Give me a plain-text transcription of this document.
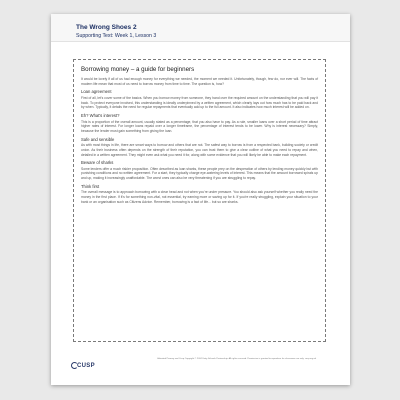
The Wrong Shoes 2
Supporting Text: Week 1, Lesson 3
Borrowing money – a guide for beginners
It would be lovely if all of us had enough money for everything we needed, the moment we needed it. Unfortunately, though, few do, nor ever will. The facts of modern life mean that most of us need to borrow money from time to time. The question is, how?
Loan agreement
First of all, let's cover some of the basics. When you borrow money from someone, they hand over the required amount on the understanding that you will pay it back. To protect everyone involved, this understanding is ideally underpinned by a written agreement, which clearly lays out how much has to be paid back and by when. Typically, it details the need for regular repayments that eventually add up to the full amount. It also indicates how much interest will be added on.
Eh? What's interest?
This is a proportion of the overall amount, usually stated as a percentage, that you also have to pay. As a rule, smaller loans over a short period of time attract higher rates of interest. For longer loans repaid over a longer timeframe, the percentage of interest tends to be lower. Why is interest necessary? Simply, because the lender must gain something from giving the loan.
Safe and sensible
As with most things in life, there are smart ways to borrow and others that are not. The safest way to borrow is from a respected bank, building society or credit union. As their business often depends on the strength of their reputation, you can trust them to give a clear outline of what you need to repay and when, detailed in a written agreement. They might even ask what you need it for, along with some evidence that you will likely be able to make each repayment.
Beware of sharks
Some lenders offer a much riskier proposition. Often described as loan sharks, these people prey on the desperation of others by lending money quickly but with punishing conditions and no written agreement. For a start, they typically charge eye-watering levels of interest. This means that the amount borrowed spirals up and up, making it increasingly unaffordable. The worst ones can also be very threatening if you are struggling to repay.
Think first
The overall message is to approach borrowing with a clear head and not when you're under pressure. You should also ask yourself whether you really need the money in the first place. If it's for something non-vital, not essential, try earning more or saving up for it. If you're really struggling, explain your situation to your bank or an organisation such as Citizens Advice. Remember, borrowing is a fact of life... but so are sharks.
CUSP
Unlimited Primary and Cusp Copyright © 2024 Unity Schools Partnership. All rights reserved. Permission is granted to reproduce for classroom use only. cusp.org.uk
